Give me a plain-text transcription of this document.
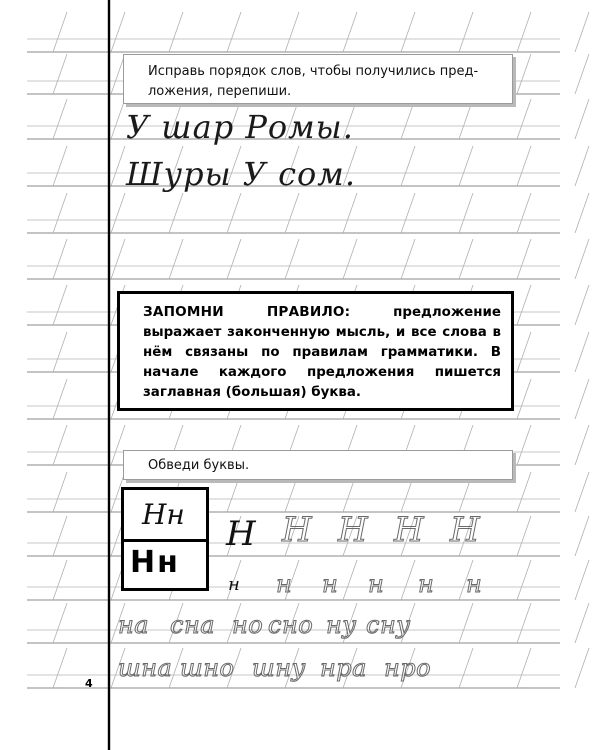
Исправь порядок слов, чтобы получились пред-
ложения, перепиши.
У шар Ромы.
Шуры У сом.
ЗАПОМНИ ПРАВИЛО:	предложение выражает законченную мысль, и все слова в нём связаны по правилам грамматики. В начале каждого предложения пишется заглавная (большая) буква.
Обведи буквы.
Нн
Нн
Н
н
Н Н Н Н
н н н н н
на сна но сно ну сну
шна шно шну нра нро
4
